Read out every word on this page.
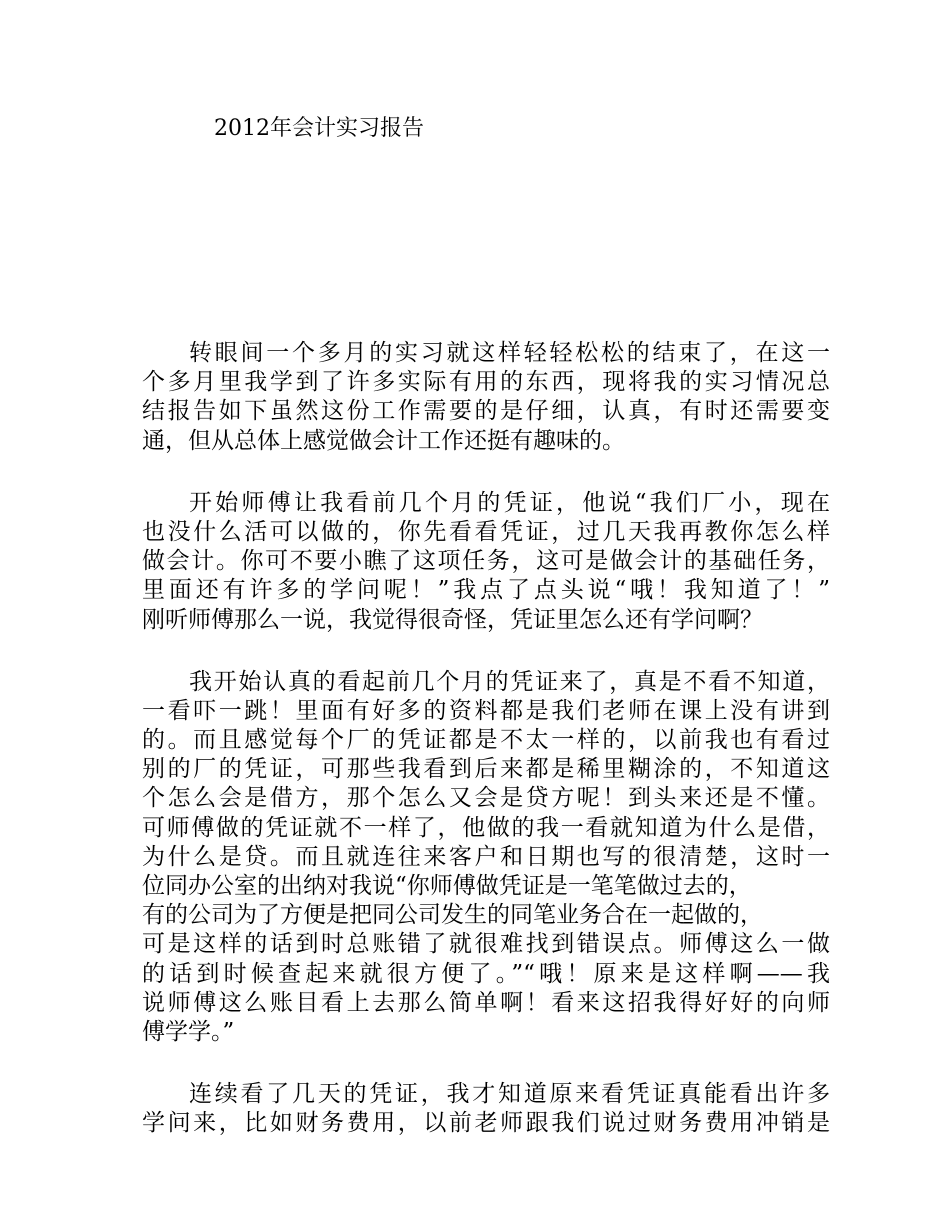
2012年会计实习报告
转眼间一个多月的实习就这样轻轻松松的结束了，在这一
个多月里我学到了许多实际有用的东西，现将我的实习情况总
结报告如下虽然这份工作需要的是仔细，认真，有时还需要变
通，但从总体上感觉做会计工作还挺有趣味的。
开始师傅让我看前几个月的凭证，他说“我们厂小，现在
也没什么活可以做的，你先看看凭证，过几天我再教你怎么样
做会计。你可不要小瞧了这项任务，这可是做会计的基础任务，
里面还有许多的学问呢！”我点了点头说“哦！我知道了！”
刚听师傅那么一说，我觉得很奇怪，凭证里怎么还有学问啊？
我开始认真的看起前几个月的凭证来了，真是不看不知道，
一看吓一跳！里面有好多的资料都是我们老师在课上没有讲到
的。而且感觉每个厂的凭证都是不太一样的，以前我也有看过
别的厂的凭证，可那些我看到后来都是稀里糊涂的，不知道这
个怎么会是借方，那个怎么又会是贷方呢！到头来还是不懂。
可师傅做的凭证就不一样了，他做的我一看就知道为什么是借，
为什么是贷。而且就连往来客户和日期也写的很清楚，这时一
位同办公室的出纳对我说“你师傅做凭证是一笔笔做过去的，
有的公司为了方便是把同公司发生的同笔业务合在一起做的，
可是这样的话到时总账错了就很难找到错误点。师傅这么一做
的话到时候查起来就很方便了。”“哦！原来是这样啊——我
说师傅这么账目看上去那么简单啊！看来这招我得好好的向师
傅学学。”
连续看了几天的凭证，我才知道原来看凭证真能看出许多
学问来，比如财务费用，以前老师跟我们说过财务费用冲销是
